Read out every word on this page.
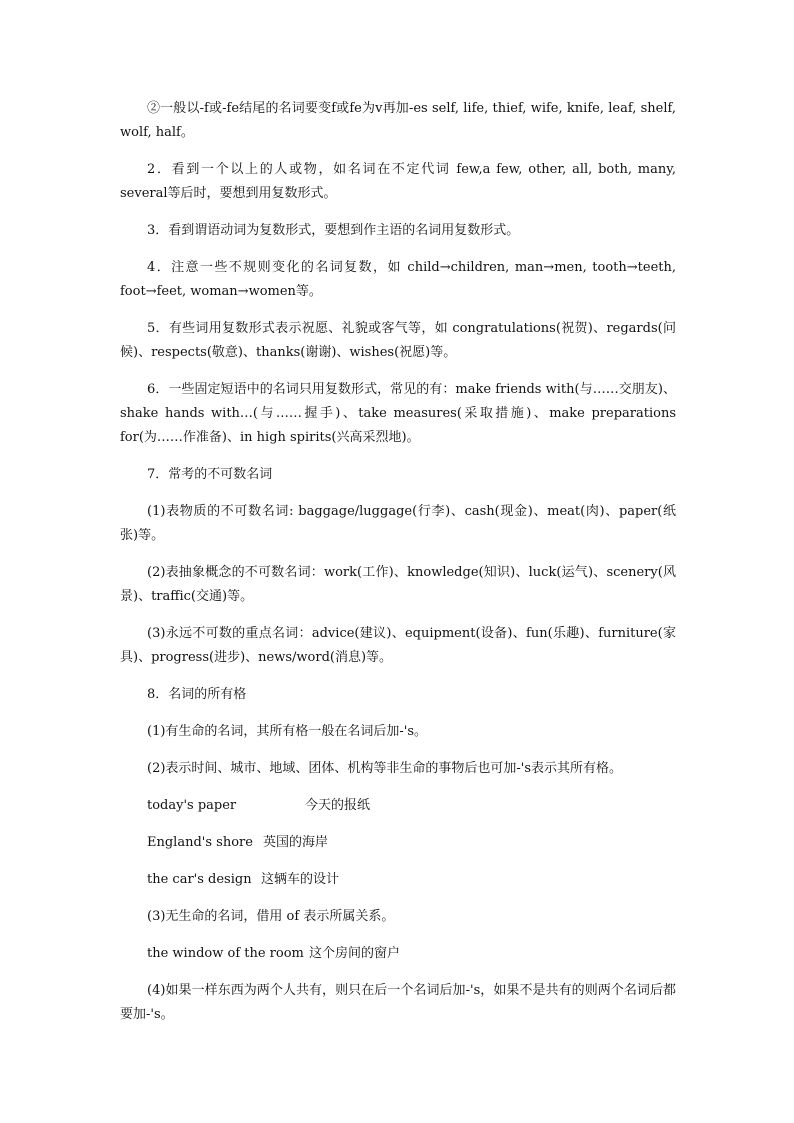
②一般以-f或-fe结尾的名词要变f或fe为v再加-es self, life, thief, wife, knife, leaf, shelf, wolf, half。

2．看到一个以上的人或物，如名词在不定代词 few,a few, other, all, both, many, several等后时，要想到用复数形式。

3．看到谓语动词为复数形式，要想到作主语的名词用复数形式。

4．注意一些不规则变化的名词复数，如 child→children, man→men, tooth→teeth, foot→feet, woman→women等。

5．有些词用复数形式表示祝愿、礼貌或客气等，如 congratulations(祝贺)、regards(问候)、respects(敬意)、thanks(谢谢)、wishes(祝愿)等。

6．一些固定短语中的名词只用复数形式，常见的有：make friends with(与……交朋友)、shake hands with…(与……握手)、take measures(采取措施)、make preparations for(为……作准备)、in high spirits(兴高采烈地)。

7．常考的不可数名词

(1)表物质的不可数名词: baggage/luggage(行李)、cash(现金)、meat(肉)、paper(纸张)等。

(2)表抽象概念的不可数名词：work(工作)、knowledge(知识)、luck(运气)、scenery(风景)、traffic(交通)等。

(3)永远不可数的重点名词：advice(建议)、equipment(设备)、fun(乐趣)、furniture(家具)、progress(进步)、news/word(消息)等。

8．名词的所有格

(1)有生命的名词，其所有格一般在名词后加-'s。

(2)表示时间、城市、地域、团体、机构等非生命的事物后也可加-'s表示其所有格。

today's paper	今天的报纸

England's shore 英国的海岸

the car's design 这辆车的设计

(3)无生命的名词，借用 of 表示所属关系。

the window of the room 这个房间的窗户

(4)如果一样东西为两个人共有，则只在后一个名词后加-'s，如果不是共有的则两个名词后都要加-'s。
